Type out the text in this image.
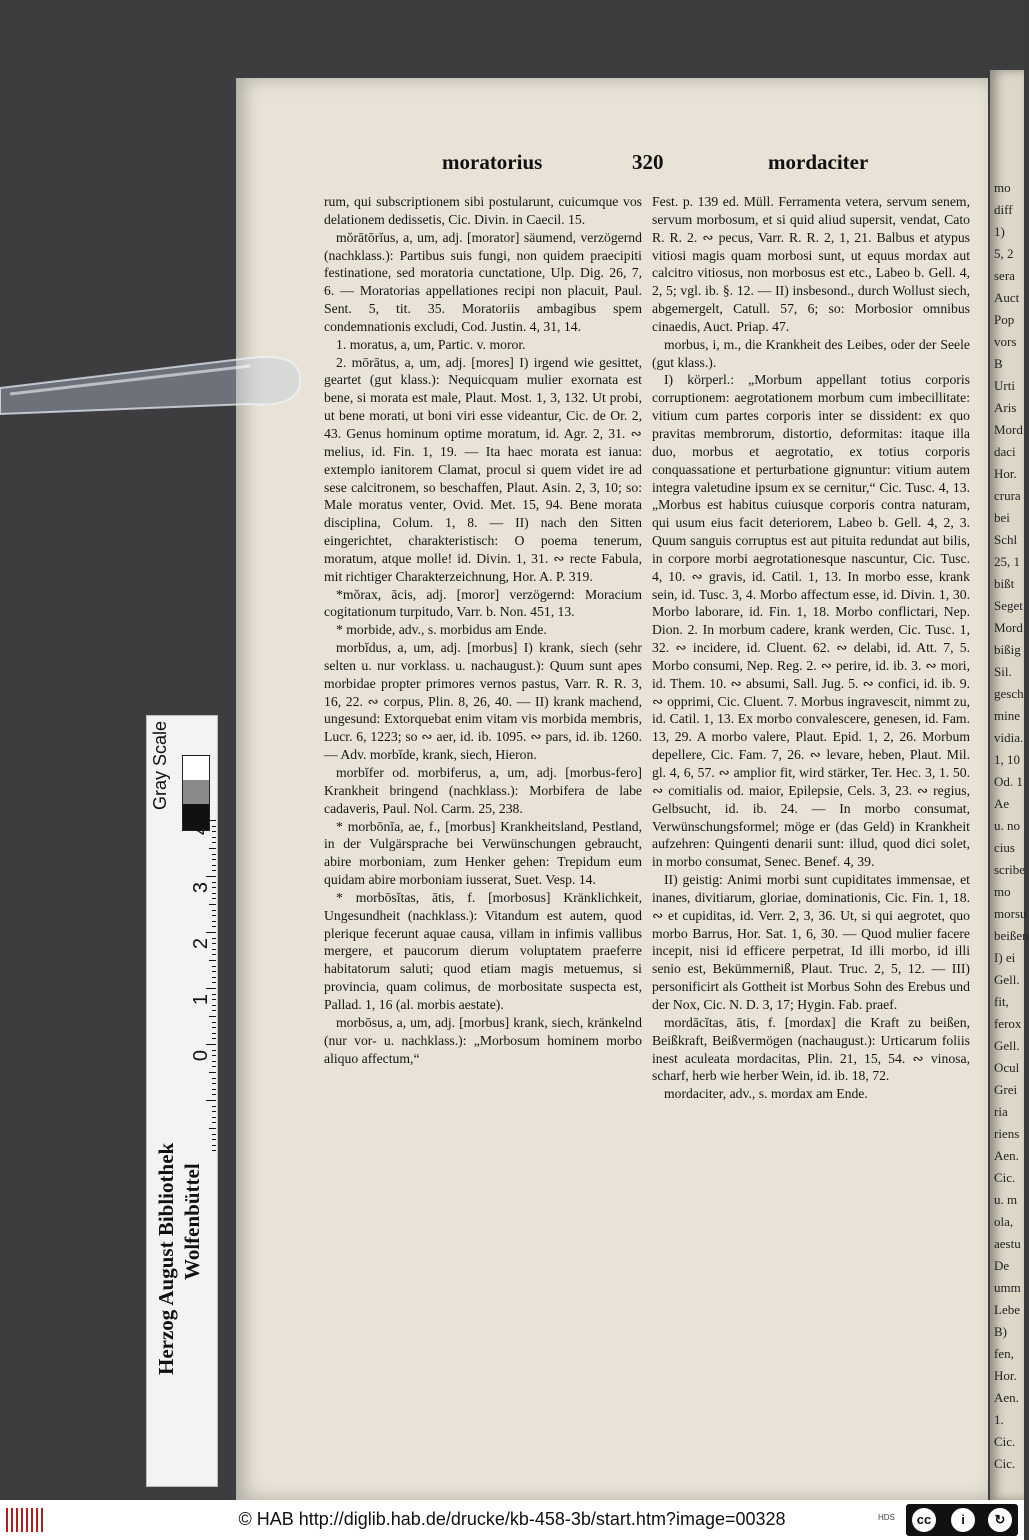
mo
diff
1)
5, 2
sera
Auct
Pop
vors
B
Urti
Aris
Mord
daci
Hor.
crura
bei
Schl
25, 1
bißt
Seget
Mord
bißig
Sil.
gesch
mine
vidia.
1, 10
Od. 1
Ae
u. no
cius
scribe
mo
morsu
beißen
I) ei
Gell.
fit,
ferox
Gell.
Ocul
Grei
ria
riens
Aen.
Cic.
u. m
ola,
aestu
De
umm
Lebe
B)
fen,
Hor.
Aen.
1.
Cic.
Cic.
moratorius	320	mordaciter

rum, qui subscriptionem sibi postularunt, cuicumque vos delationem dedissetis, Cic. Divin. in Caecil. 15.

mŏrātōrĭus, a, um, adj. [morator] säumend, verzögernd (nachklass.): Partibus suis fungi, non quidem praecipiti festinatione, sed moratoria cunctatione, Ulp. Dig. 26, 7, 6. — Moratorias appellationes recipi non placuit, Paul. Sent. 5, tit. 35. Moratoriis ambagibus spem condemnationis excludi, Cod. Justin. 4, 31, 14.

1. moratus, a, um, Partic. v. moror.

2. mōrātus, a, um, adj. [mores] I) irgend wie gesittet, geartet (gut klass.): Nequicquam mulier exornata est bene, si morata est male, Plaut. Most. 1, 3, 132. Ut probi, ut bene morati, ut boni viri esse videantur, Cic. de Or. 2, 43. Genus hominum optime moratum, id. Agr. 2, 31. ∾ melius, id. Fin. 1, 19. — Ita haec morata est ianua: extemplo ianitorem Clamat, procul si quem videt ire ad sese calcitronem, so beschaffen, Plaut. Asin. 2, 3, 10; so: Male moratus venter, Ovid. Met. 15, 94. Bene morata disciplina, Colum. 1, 8. — II) nach den Sitten eingerichtet, charakteristisch: O poema tenerum, moratum, atque molle! id. Divin. 1, 31. ∾ recte Fabula, mit richtiger Charakterzeichnung, Hor. A. P. 319.

*mŏrax, ācis, adj. [moror] verzögernd: Moracium cogitationum turpitudo, Varr. b. Non. 451, 13.

* morbide, adv., s. morbidus am Ende.

morbĭdus, a, um, adj. [morbus] I) krank, siech (sehr selten u. nur vorklass. u. nachaugust.): Quum sunt apes morbidae propter primores vernos pastus, Varr. R. R. 3, 16, 22. ∾ corpus, Plin. 8, 26, 40. — II) krank machend, ungesund: Extorquebat enim vitam vis morbida membris, Lucr. 6, 1223; so ∾ aer, id. ib. 1095. ∾ pars, id. ib. 1260. — Adv. morbĭde, krank, siech, Hieron.

morbĭfer od. morbiferus, a, um, adj. [morbus-fero] Krankheit bringend (nachklass.): Morbifera de labe cadaveris, Paul. Nol. Carm. 25, 238.

* morbōnĭa, ae, f., [morbus] Krankheitsland, Pestland, in der Vulgärsprache bei Verwünschungen gebraucht, abire morboniam, zum Henker gehen: Trepidum eum quidam abire morboniam iusserat, Suet. Vesp. 14.

* morbōsĭtas, ātis, f. [morbosus] Kränklichkeit, Ungesundheit (nachklass.): Vitandum est autem, quod plerique fecerunt aquae causa, villam in infimis vallibus mergere, et paucorum dierum voluptatem praeferre habitatorum saluti; quod etiam magis metuemus, si provincia, quam colimus, de morbositate suspecta est, Pallad. 1, 16 (al. morbis aestate).

morbōsus, a, um, adj. [morbus] krank, siech, kränkelnd (nur vor- u. nachklass.): „Morbosum hominem morbo aliquo affectum,“

Fest. p. 139 ed. Müll. Ferramenta vetera, servum senem, servum morbosum, et si quid aliud supersit, vendat, Cato R. R. 2. ∾ pecus, Varr. R. R. 2, 1, 21. Balbus et atypus vitiosi magis quam morbosi sunt, ut equus mordax aut calcitro vitiosus, non morbosus est etc., Labeo b. Gell. 4, 2, 5; vgl. ib. §. 12. — II) insbesond., durch Wollust siech, abgemergelt, Catull. 57, 6; so: Morbosior omnibus cinaedis, Auct. Priap. 47.

morbus, i, m., die Krankheit des Leibes, oder der Seele (gut klass.).

I) körperl.: „Morbum appellant totius corporis corruptionem: aegrotationem morbum cum imbecillitate: vitium cum partes corporis inter se dissident: ex quo pravitas membrorum, distortio, deformitas: itaque illa duo, morbus et aegrotatio, ex totius corporis conquassatione et perturbatione gignuntur: vitium autem integra valetudine ipsum ex se cernitur,“ Cic. Tusc. 4, 13. „Morbus est habitus cuiusque corporis contra naturam, qui usum eius facit deteriorem, Labeo b. Gell. 4, 2, 3. Quum sanguis corruptus est aut pituita redundat aut bilis, in corpore morbi aegrotationesque nascuntur, Cic. Tusc. 4, 10. ∾ gravis, id. Catil. 1, 13. In morbo esse, krank sein, id. Tusc. 3, 4. Morbo affectum esse, id. Divin. 1, 30. Morbo laborare, id. Fin. 1, 18. Morbo conflictari, Nep. Dion. 2. In morbum cadere, krank werden, Cic. Tusc. 1, 32. ∾ incidere, id. Cluent. 62. ∾ delabi, id. Att. 7, 5. Morbo consumi, Nep. Reg. 2. ∾ perire, id. ib. 3. ∾ mori, id. Them. 10. ∾ absumi, Sall. Jug. 5. ∾ confici, id. ib. 9. ∾ opprimi, Cic. Cluent. 7. Morbus ingravescit, nimmt zu, id. Catil. 1, 13. Ex morbo convalescere, genesen, id. Fam. 13, 29. A morbo valere, Plaut. Epid. 1, 2, 26. Morbum depellere, Cic. Fam. 7, 26. ∾ levare, heben, Plaut. Mil. gl. 4, 6, 57. ∾ amplior fit, wird stärker, Ter. Hec. 3, 1. 50. ∾ comitialis od. maior, Epilepsie, Cels. 3, 23. ∾ regius, Gelbsucht, id. ib. 24. — In morbo consumat, Verwünschungsformel; möge er (das Geld) in Krankheit aufzehren: Quingenti denarii sunt: illud, quod dici solet, in morbo consumat, Senec. Benef. 4, 39.

II) geistig: Animi morbi sunt cupiditates immensae, et inanes, divitiarum, gloriae, dominationis, Cic. Fin. 1, 18. ∾ et cupiditas, id. Verr. 2, 3, 36. Ut, si qui aegrotet, quo morbo Barrus, Hor. Sat. 1, 6, 30. — Quod mulier facere incepit, nisi id efficere perpetrat, Id illi morbo, id illi senio est, Bekümmerniß, Plaut. Truc. 2, 5, 12. — III) personificirt als Gottheit ist Morbus Sohn des Erebus und der Nox, Cic. N. D. 3, 17; Hygin. Fab. praef.

mordācĭtas, ātis, f. [mordax] die Kraft zu beißen, Beißkraft, Beißvermögen (nachaugust.): Urticarum foliis inest aculeata mordacitas, Plin. 21, 15, 54. ∾ vinosa, scharf, herb wie herber Wein, id. ib. 18, 72.

mordaciter, adv., s. mordax am Ende.

Herzog August Bibliothek Wolfenbüttel
Gray Scale
4
3
2
1
0
© HAB http://diglib.hab.de/drucke/kb-458-3b/start.htm?image=00328	HDS	cc	i	↻
BY	SA
